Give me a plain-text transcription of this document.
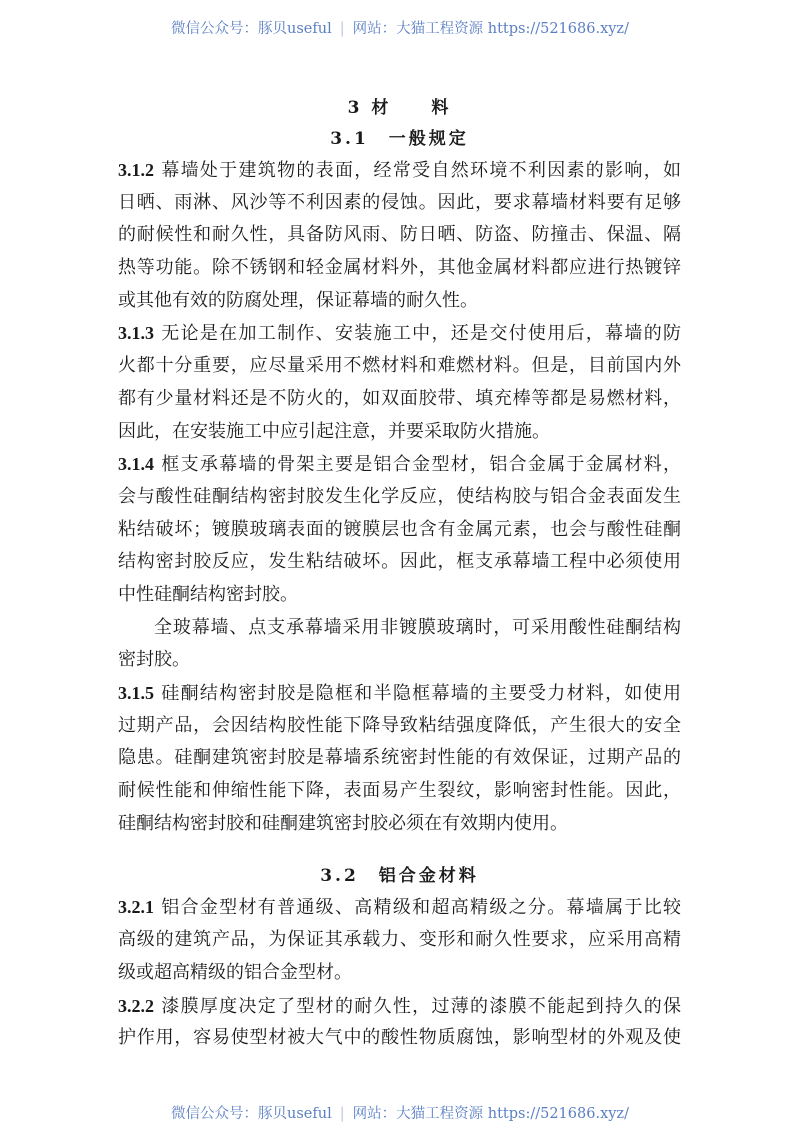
微信公众号：豚贝useful | 网站：大猫工程资源 https://521686.xyz/
3 材　　料
3.1　一般规定
3.1.2 幕墙处于建筑物的表面，经常受自然环境不利因素的影响，如
日晒、雨淋、风沙等不利因素的侵蚀。因此，要求幕墙材料要有足够
的耐候性和耐久性，具备防风雨、防日晒、防盗、防撞击、保温、隔
热等功能。除不锈钢和轻金属材料外，其他金属材料都应进行热镀锌
或其他有效的防腐处理，保证幕墙的耐久性。
3.1.3 无论是在加工制作、安装施工中，还是交付使用后，幕墙的防
火都十分重要，应尽量采用不燃材料和难燃材料。但是，目前国内外
都有少量材料还是不防火的，如双面胶带、填充棒等都是易燃材料，
因此，在安装施工中应引起注意，并要采取防火措施。
3.1.4 框支承幕墙的骨架主要是铝合金型材，铝合金属于金属材料，
会与酸性硅酮结构密封胶发生化学反应，使结构胶与铝合金表面发生
粘结破坏；镀膜玻璃表面的镀膜层也含有金属元素，也会与酸性硅酮
结构密封胶反应，发生粘结破坏。因此，框支承幕墙工程中必须使用
中性硅酮结构密封胶。
全玻幕墙、点支承幕墙采用非镀膜玻璃时，可采用酸性硅酮结构
密封胶。
3.1.5 硅酮结构密封胶是隐框和半隐框幕墙的主要受力材料，如使用
过期产品，会因结构胶性能下降导致粘结强度降低，产生很大的安全
隐患。硅酮建筑密封胶是幕墙系统密封性能的有效保证，过期产品的
耐候性能和伸缩性能下降，表面易产生裂纹，影响密封性能。因此，
硅酮结构密封胶和硅酮建筑密封胶必须在有效期内使用。
3.2　铝合金材料
3.2.1 铝合金型材有普通级、高精级和超高精级之分。幕墙属于比较
高级的建筑产品，为保证其承载力、变形和耐久性要求，应采用高精
级或超高精级的铝合金型材。
3.2.2 漆膜厚度决定了型材的耐久性，过薄的漆膜不能起到持久的保
护作用，容易使型材被大气中的酸性物质腐蚀，影响型材的外观及使
微信公众号：豚贝useful | 网站：大猫工程资源 https://521686.xyz/
